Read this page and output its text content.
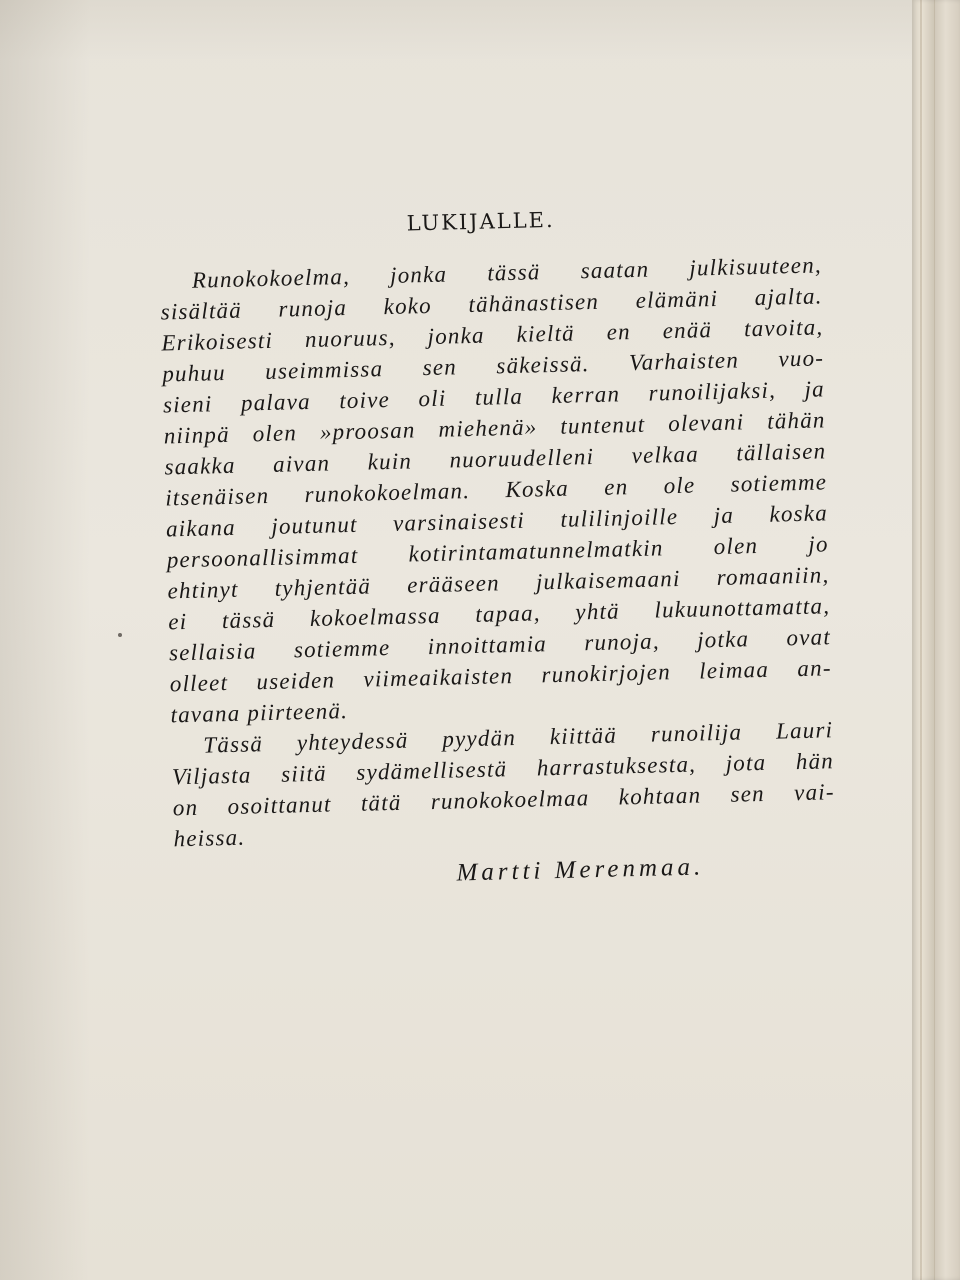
LUKIJALLE.
Runokokoelma, jonka tässä saatan julkisuuteen,
sisältää runoja koko tähänastisen elämäni ajalta.
Erikoisesti nuoruus, jonka kieltä en enää tavoita,
puhuu useimmissa sen säkeissä. Varhaisten vuo-
sieni palava toive oli tulla kerran runoilijaksi, ja
niinpä olen »proosan miehenä» tuntenut olevani tähän
saakka aivan kuin nuoruudelleni velkaa tällaisen
itsenäisen runokokoelman. Koska en ole sotiemme
aikana joutunut varsinaisesti tulilinjoille ja koska
persoonallisimmat kotirintamatunnelmatkin olen jo
ehtinyt tyhjentää erääseen julkaisemaani romaaniin,
ei tässä kokoelmassa tapaa, yhtä lukuunottamatta,
sellaisia sotiemme innoittamia runoja, jotka ovat
olleet useiden viimeaikaisten runokirjojen leimaa an-
tavana piirteenä.
Tässä yhteydessä pyydän kiittää runoilija Lauri
Viljasta siitä sydämellisestä harrastuksesta, jota hän
on osoittanut tätä runokokoelmaa kohtaan sen vai-
heissa.
Martti Merenmaa.
